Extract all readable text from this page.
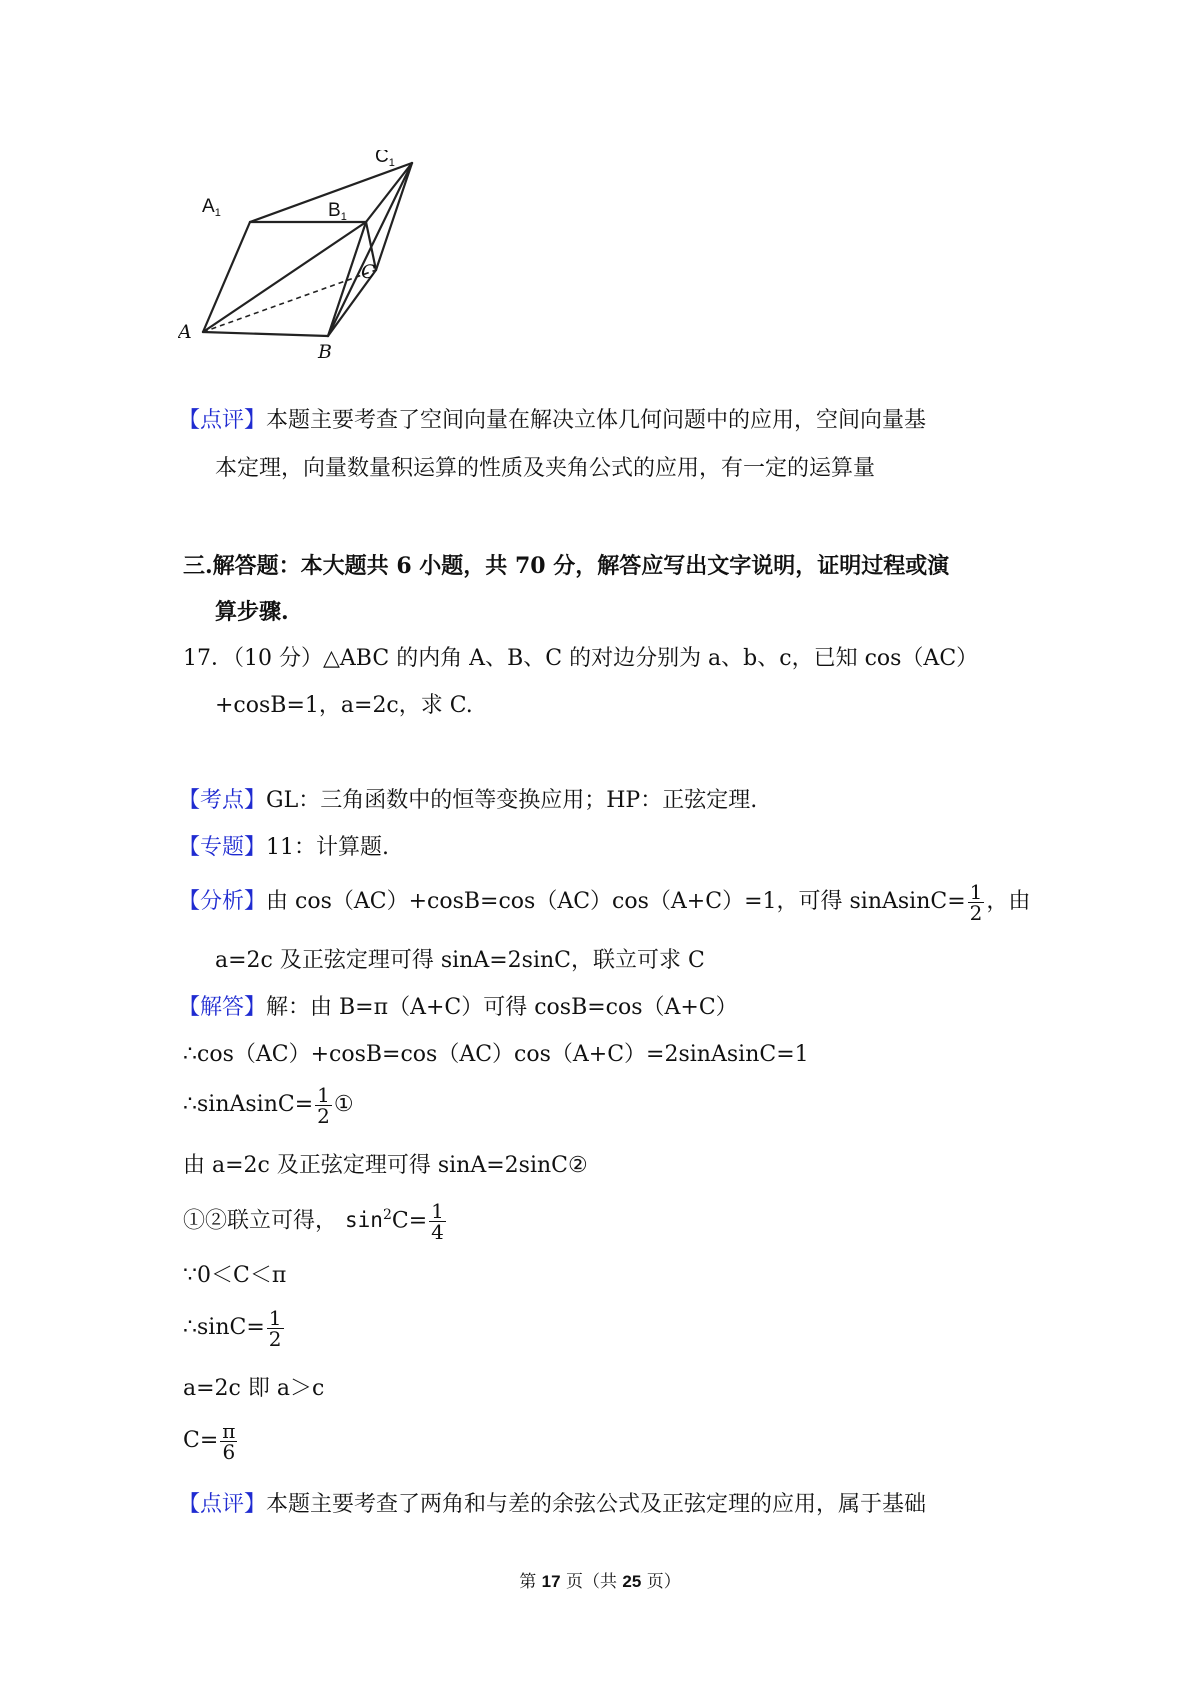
$C_1$
$A_1$	$B_1$
C
A
B
【点评】本题主要考查了空间向量在解决立体几何问题中的应用，空间向量基
本定理，向量数量积运算的性质及夹角公式的应用，有一定的运算量
三.解答题：本大题共 6 小题，共 70 分，解答应写出文字说明，证明过程或演
算步骤.
17．（10 分）△ABC 的内角 A、B、C 的对边分别为 a、b、c，已知 cos（A﻿C）
+cosB=1，a=2c，求 C.
【考点】GL：三角函数中的恒等变换应用；HP：正弦定理.
【专题】11：计算题.
【分析】由 cos（A﻿C）+cosB=cos（A﻿C）﻿cos（A+C）=1，可得 sinAsinC= $\frac{1}{2}$ ，由
a=2c 及正弦定理可得 sinA=2sinC，联立可求 C
【解答】解：由 B=π﻿（A+C）可得 cosB=﻿cos（A+C）
∴cos（A﻿C）+cosB=cos（A﻿C）﻿cos（A+C）=2sinAsinC=1
∴sinAsinC= $\frac{1}{2}$ ①
由 a=2c 及正弦定理可得 sinA=2sinC②
①②联立可得， $\sin^2C= \frac{1}{4}$
∵0＜C＜π
∴sinC= $\frac{1}{2}$
a=2c 即 a＞c
$C= \frac{\pi}{6}$
【点评】本题主要考查了两角和与差的余弦公式及正弦定理的应用，属于基础
第 17 页（共 25 页）
